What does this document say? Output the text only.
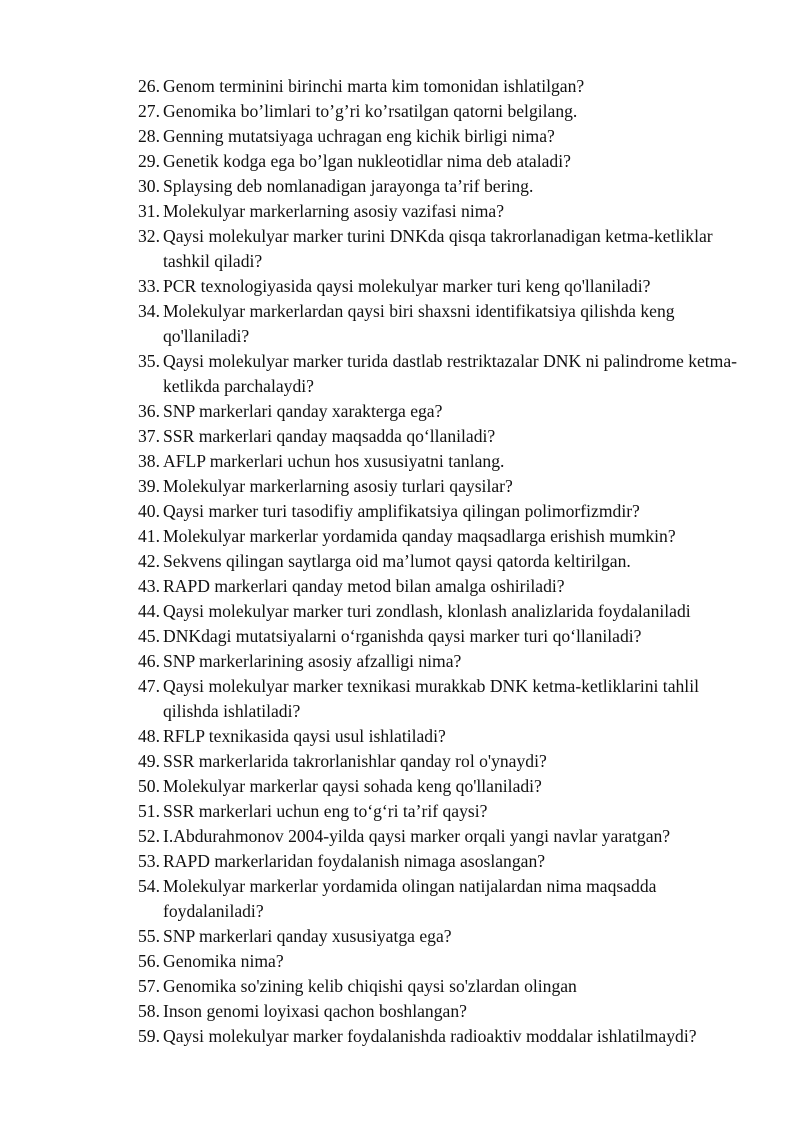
26. Genom terminini birinchi marta kim tomonidan ishlatilgan?
27. Genomika bo’limlari to’g’ri ko’rsatilgan qatorni belgilang.
28. Genning mutatsiyaga uchragan eng kichik birligi nima?
29. Genetik kodga ega bo’lgan nukleotidlar nima deb ataladi?
30. Splaysing deb nomlanadigan jarayonga ta’rif bering.
31. Molekulyar markerlarning asosiy vazifasi nima?
32. Qaysi molekulyar marker turini DNKda qisqa takrorlanadigan ketma-ketliklar tashkil qiladi?
33. PCR texnologiyasida qaysi molekulyar marker turi keng qo'llaniladi?
34. Molekulyar markerlardan qaysi biri shaxsni identifikatsiya qilishda keng qo'llaniladi?
35. Qaysi molekulyar marker turida dastlab restriktazalar DNK ni palindrome ketma-ketlikda parchalaydi?
36. SNP markerlari qanday xarakterga ega?
37. SSR markerlari qanday maqsadda qo‘llaniladi?
38. AFLP markerlari uchun hos xususiyatni tanlang.
39. Molekulyar markerlarning asosiy turlari qaysilar?
40. Qaysi marker turi tasodifiy amplifikatsiya qilingan polimorfizmdir?
41. Molekulyar markerlar yordamida qanday maqsadlarga erishish mumkin?
42. Sekvens qilingan saytlarga oid ma’lumot qaysi qatorda keltirilgan.
43. RAPD markerlari qanday metod bilan amalga oshiriladi?
44. Qaysi molekulyar marker turi zondlash, klonlash analizlarida foydalaniladi
45. DNKdagi mutatsiyalarni o‘rganishda qaysi marker turi qo‘llaniladi?
46. SNP markerlarining asosiy afzalligi nima?
47. Qaysi molekulyar marker texnikasi murakkab DNK ketma-ketliklarini tahlil qilishda ishlatiladi?
48. RFLP texnikasida qaysi usul ishlatiladi?
49. SSR markerlarida takrorlanishlar qanday rol o'ynaydi?
50. Molekulyar markerlar qaysi sohada keng qo'llaniladi?
51. SSR markerlari uchun eng to‘g‘ri ta’rif qaysi?
52. I.Abdurahmonov 2004-yilda qaysi marker orqali yangi navlar yaratgan?
53. RAPD markerlaridan foydalanish nimaga asoslangan?
54. Molekulyar markerlar yordamida olingan natijalardan nima maqsadda foydalaniladi?
55. SNP markerlari qanday xususiyatga ega?
56. Genomika nima?
57. Genomika so'zining kelib chiqishi qaysi so'zlardan olingan
58. Inson genomi loyixasi qachon boshlangan?
59. Qaysi molekulyar marker foydalanishda radioaktiv moddalar ishlatilmaydi?
